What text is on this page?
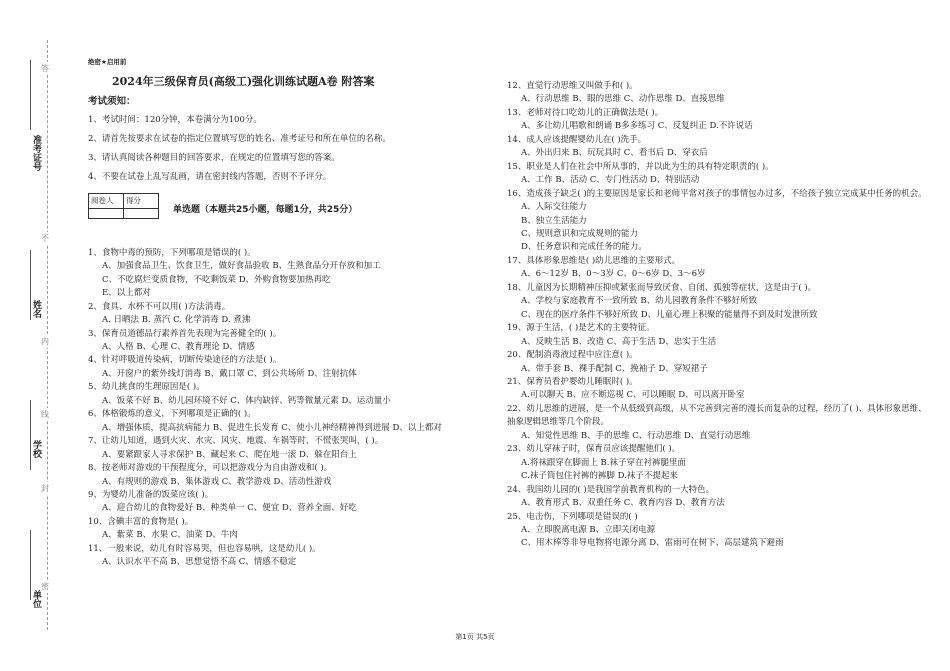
准考证号
姓名
学校
单位
答
不
内
线
封
密
绝密★启用前
2024年三级保育员(高级工)强化训练试题A卷 附答案
考试须知：
1、考试时间：120分钟，本卷满分为100分。
2、请首先按要求在试卷的指定位置填写您的姓名、准考证号和所在单位的名称。
3、请认真阅读各种题目的回答要求，在规定的位置填写您的答案。
4、不要在试卷上乱写乱画，请在密封线内答题，否则不予评分。
阅卷人	得分

单选题（本题共25小题，每题1分，共25分）
1、食物中毒的预防，下列哪项是错误的( )。
A、加强食品卫生、饮食卫生，做好食品验收 B、生熟食品分开存放和加工
C、不吃腐烂变质食物，不吃剩饭菜 D、外购食物要加热再吃
E、以上都对
2、食具、水杯不可以用( )方法消毒。
A. 日晒法 B. 蒸汽 C. 化学消毒 D. 煮沸
3、保育员道德品行素养首先表现为完善健全的( )。
A、人格 B、心理 C、教育理论 D、情感
4、针对呼吸道传染病，切断传染途径的方法是( )。
A、开窗户的紫外线灯消毒 B、戴口罩 C、到公共场所 D、注射抗体
5、幼儿挑食的生理原因是( )。
A、饭菜不好 B、幼儿园环境不好 C、体内缺锌、钙等微量元素 D、运动量小
6、体格锻炼的意义，下列哪项是正确的( )。
A、增强体质，提高抗病能力 B、促进生长发育 C、使小儿神经精神得到进展 D、以上都对
7、让幼儿知道，遇到火灾、水灾、风灾、地震、车祸等时，不慌张哭叫，( )。
A、要紧跟家人寻求保护 B、藏起来 C、爬在地一滚 D、躲在阳台上
8、按老师对游戏的干预程度分，可以把游戏分为自由游戏和( )。
A、有规则的游戏 B、集体游戏 C、教学游戏 D、活动性游戏
9、为婴幼儿准备的饭菜应该( )。
A、迎合幼儿的食物爱好 B、种类单一 C、便宜 D、营养全面、好吃
10、含碘丰富的食物是( )。
A、紫菜 B、水果 C、油菜 D、牛肉
11、一般来说，幼儿有时容易哭，但也容易哄，这是幼儿( )。
A、认识水平不高 B、思想觉悟不高 C、情感不稳定
12、直觉行动思维又叫做手和( )。
A、行动思维 B、眼的思维 C、动作思维 D、直接思维
13、老师对待口吃幼儿的正确做法是( )。
A、多让幼儿唱歌和朗诵 B多多练习 C、反复纠正 D.不许说话
14、成人应该提醒婴幼儿在( )洗手。
A、外出归来 B、玩玩具时 C、看书后 D、穿衣后
15、职业是人们在社会中所从事的，并以此为生的具有特定职责的( )。
A、工作 B、活动 C、专门性活动 D、特别活动
16、造成孩子缺乏( )的主要原因是家长和老师平常对孩子的事情包办过多，不给孩子独立完成某中任务的机会。
A、人际交往能力
B、独立生活能力
C、规则意识和完成规则的能力
D、任务意识和完成任务的能力。
17、具体形象思维是( )幼儿思维的主要形式。
A、6～12岁 B、0～3岁 C、0～6岁 D、3～6岁
18、儿童因为长期精神压抑或紧张而导致厌食、自闭、孤独等症状，这是由于( )。
A、学校与家庭教育不一致所致 B、幼儿园教育条件不够好所致
C、现在的医疗条件不够好所致 D、儿童心理上积聚的能量得不到及时发泄所致
19、源于生活，( )是艺术的主要特征。
A、反映生活 B、改造 C、高于生活 D、忠实于生活
20、配制消毒液过程中应注意( )。
A、带手套 B、裸手配制 C、挽袖子 D、穿短裙子
21、保育员看护婴幼儿睡眠时( )。
A.可以聊天 B、应不断巡视 C、可以睡眠 D、可以离开卧室
22、幼儿思维的进展，是一个从低级到高级，从不完善到完善的漫长而复杂的过程，经历了( )、具体形象思维、抽象逻辑思维等几个阶段。
A、知觉性思维 B、手的思维 C、行动思维 D、直觉行动思维
23、幼儿穿袜子时，保育员应该提醒他们( )。
A.将袜跟穿在脚面上 B.袜子穿在衬裤腿里面
C.袜子筒包住衬裤的裤脚 D.袜子不提起来
24、我国幼儿园的( )是我国学前教育机构的一大特色。
A、教育形式 B、双重任务 C、教育内容 D、教育方法
25、电击伤，下列哪项是错误的( )
A、立即脱离电源 B、立即关闭电源
C、用木棒等非导电物将电源分离 D、雷雨可在树下、高层建筑下避雨
第1页 共5页
